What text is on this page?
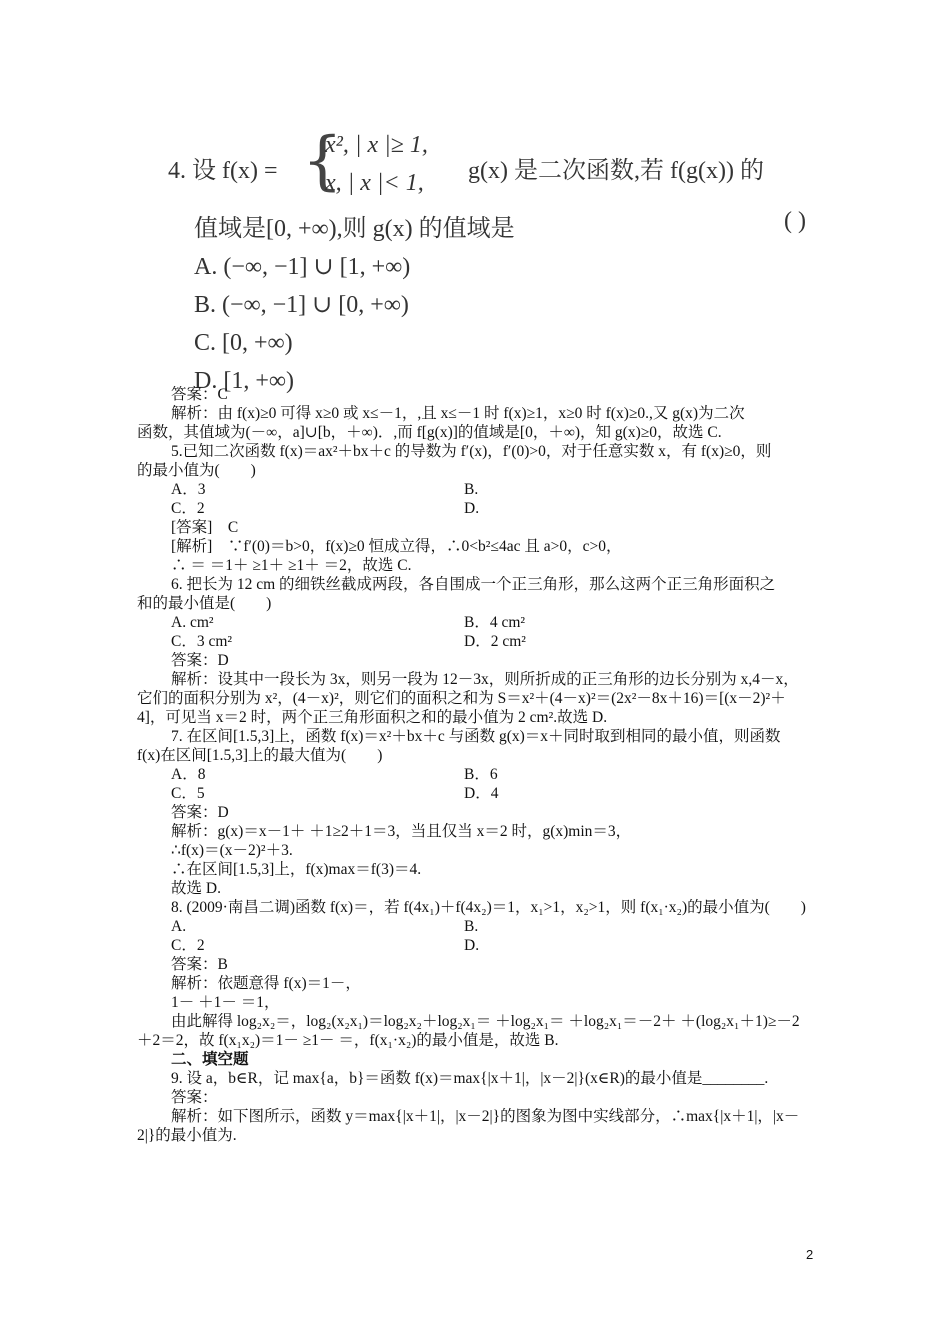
4. 设 f(x) = {
x², | x |≥ 1,
x, | x |< 1, g(x) 是二次函数,若 f(g(x)) 的
值域是[0, +∞),则 g(x) 的值域是	( )
A. (−∞, −1] ∪ [1, +∞)
B. (−∞, −1] ∪ [0, +∞)
C. [0, +∞)
D. [1, +∞)
答案：C
解析：由 f(x)≥0 可得 x≥0 或 x≤－1，,且 x≤－1 时 f(x)≥1，x≥0 时 f(x)≥0.,又 g(x)为二次
函数，其值域为(－∞，a]∪[b，＋∞)．,而 f[g(x)]的值域是[0，＋∞)，知 g(x)≥0，故选 C.
5.已知二次函数 f(x)＝ax²＋bx＋c 的导数为 f′(x)，f′(0)>0，对于任意实数 x，有 f(x)≥0，则
的最小值为(　　)
A．3	B.
C．2	D.
[答案]　C
[解析]　∵f′(0)＝b>0，f(x)≥0 恒成立得，∴0<b²≤4ac 且 a>0，c>0，
∴ ＝ ＝1＋ ≥1＋ ≥1＋ ＝2，故选 C.
6. 把长为 12 cm 的细铁丝截成两段，各自围成一个正三角形，那么这两个正三角形面积之
和的最小值是(　　)
A. cm²	B．4 cm²
C．3 cm²	D．2 cm²
答案：D
解析：设其中一段长为 3x，则另一段为 12－3x，则所折成的正三角形的边长分别为 x,4－x，
它们的面积分别为 x²，(4－x)²，则它们的面积之和为 S＝x²＋(4－x)²＝(2x²－8x＋16)＝[(x－2)²＋
4]，可见当 x＝2 时，两个正三角形面积之和的最小值为 2 cm².故选 D.
7. 在区间[1.5,3]上，函数 f(x)＝x²＋bx＋c 与函数 g(x)＝x＋同时取到相同的最小值，则函数
f(x)在区间[1.5,3]上的最大值为(　　)
A．8	B．6
C．5	D．4
答案：D
解析：g(x)＝x－1＋ ＋1≥2＋1＝3，当且仅当 x＝2 时，g(x)min＝3，
∴f(x)＝(x－2)²＋3.
∴在区间[1.5,3]上，f(x)max＝f(3)＝4.
故选 D.
8. (2009·南昌二调)函数 f(x)＝，若 f(4x₁)＋f(4x₂)＝1，x₁>1，x₂>1，则 f(x₁·x₂)的最小值为(　　)
A.	B.
C．2	D.
答案：B
解析：依题意得 f(x)＝1－，
1－ ＋1－ ＝1，
由此解得 log₂x₂＝，log₂(x₂x₁)＝log₂x₂＋log₂x₁＝ ＋log₂x₁＝ ＋log₂x₁＝－2＋ ＋(log₂x₁＋1)≥－2
＋2＝2，故 f(x₁x₂)＝1－ ≥1－ ＝，f(x₁·x₂)的最小值是，故选 B.
二、填空题
9. 设 a，b∈R，记 max{a，b}＝函数 f(x)＝max{|x＋1|，|x－2|}(x∈R)的最小值是________.
答案：
解析：如下图所示，函数 y＝max{|x＋1|，|x－2|}的图象为图中实线部分，∴max{|x＋1|，|x－
2|}的最小值为.
2
